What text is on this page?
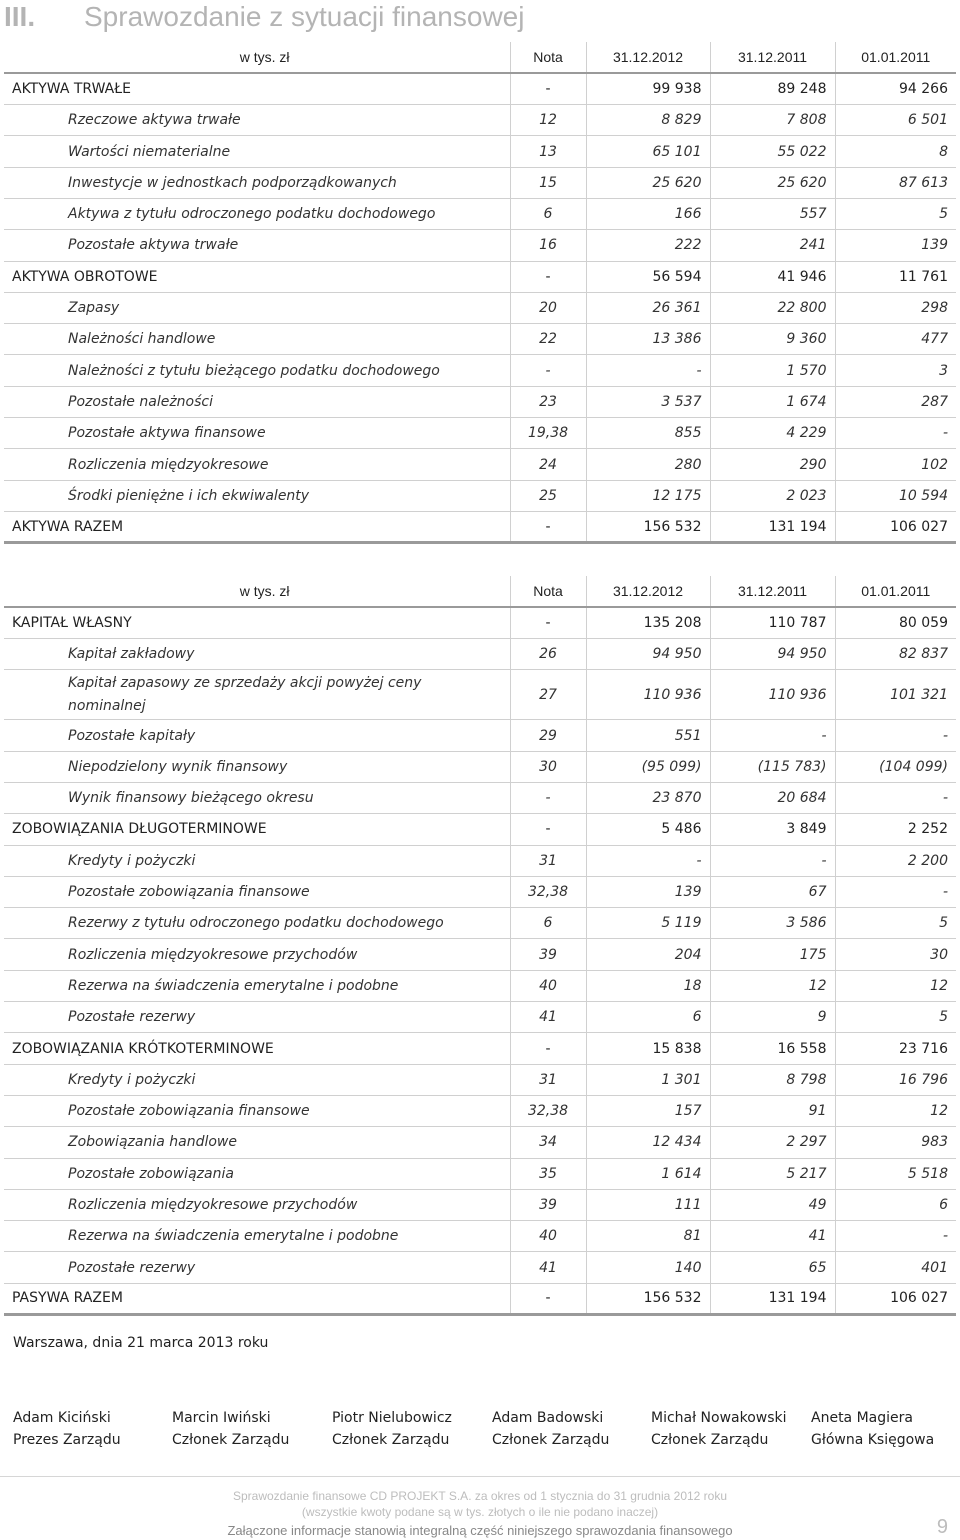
III. Sprawozdanie z sytuacji finansowej
w tys. zł	Nota	31.12.2012	31.12.2011	01.01.2011
AKTYWA TRWAŁE	-	99 938	89 248	94 266
Rzeczowe aktywa trwałe	12	8 829	7 808	6 501
Wartości niematerialne	13	65 101	55 022	8
Inwestycje w jednostkach podporządkowanych	15	25 620	25 620	87 613
Aktywa z tytułu odroczonego podatku dochodowego	6	166	557	5
Pozostałe aktywa trwałe	16	222	241	139
AKTYWA OBROTOWE	-	56 594	41 946	11 761
Zapasy	20	26 361	22 800	298
Należności handlowe	22	13 386	9 360	477
Należności z tytułu bieżącego podatku dochodowego	-	-	1 570	3
Pozostałe należności	23	3 537	1 674	287
Pozostałe aktywa finansowe	19,38	855	4 229	-
Rozliczenia międzyokresowe	24	280	290	102
Środki pieniężne i ich ekwiwalenty	25	12 175	2 023	10 594
AKTYWA RAZEM	-	156 532	131 194	106 027
w tys. zł	Nota	31.12.2012	31.12.2011	01.01.2011
KAPITAŁ WŁASNY	-	135 208	110 787	80 059
Kapitał zakładowy	26	94 950	94 950	82 837
Kapitał zapasowy ze sprzedaży akcji powyżej ceny nominalnej	27	110 936	110 936	101 321
Pozostałe kapitały	29	551	-	-
Niepodzielony wynik finansowy	30	(95 099)	(115 783)	(104 099)
Wynik finansowy bieżącego okresu	-	23 870	20 684	-
ZOBOWIĄZANIA DŁUGOTERMINOWE	-	5 486	3 849	2 252
Kredyty i pożyczki	31	-	-	2 200
Pozostałe zobowiązania finansowe	32,38	139	67	-
Rezerwy z tytułu odroczonego podatku dochodowego	6	5 119	3 586	5
Rozliczenia międzyokresowe przychodów	39	204	175	30
Rezerwa na świadczenia emerytalne i podobne	40	18	12	12
Pozostałe rezerwy	41	6	9	5
ZOBOWIĄZANIA KRÓTKOTERMINOWE	-	15 838	16 558	23 716
Kredyty i pożyczki	31	1 301	8 798	16 796
Pozostałe zobowiązania finansowe	32,38	157	91	12
Zobowiązania handlowe	34	12 434	2 297	983
Pozostałe zobowiązania	35	1 614	5 217	5 518
Rozliczenia międzyokresowe przychodów	39	111	49	6
Rezerwa na świadczenia emerytalne i podobne	40	81	41	-
Pozostałe rezerwy	41	140	65	401
PASYWA RAZEM	-	156 532	131 194	106 027
Warszawa, dnia 21 marca 2013 roku
Adam Kiciński
Prezes Zarządu
Marcin Iwiński
Członek Zarządu
Piotr Nielubowicz
Członek Zarządu
Adam Badowski
Członek Zarządu
Michał Nowakowski
Członek Zarządu
Aneta Magiera
Główna Księgowa
Sprawozdanie finansowe CD PROJEKT S.A. za okres od 1 stycznia do 31 grudnia 2012 roku
(wszystkie kwoty podane są w tys. złotych o ile nie podano inaczej)
Załączone informacje stanowią integralną część niniejszego sprawozdania finansowego	9
